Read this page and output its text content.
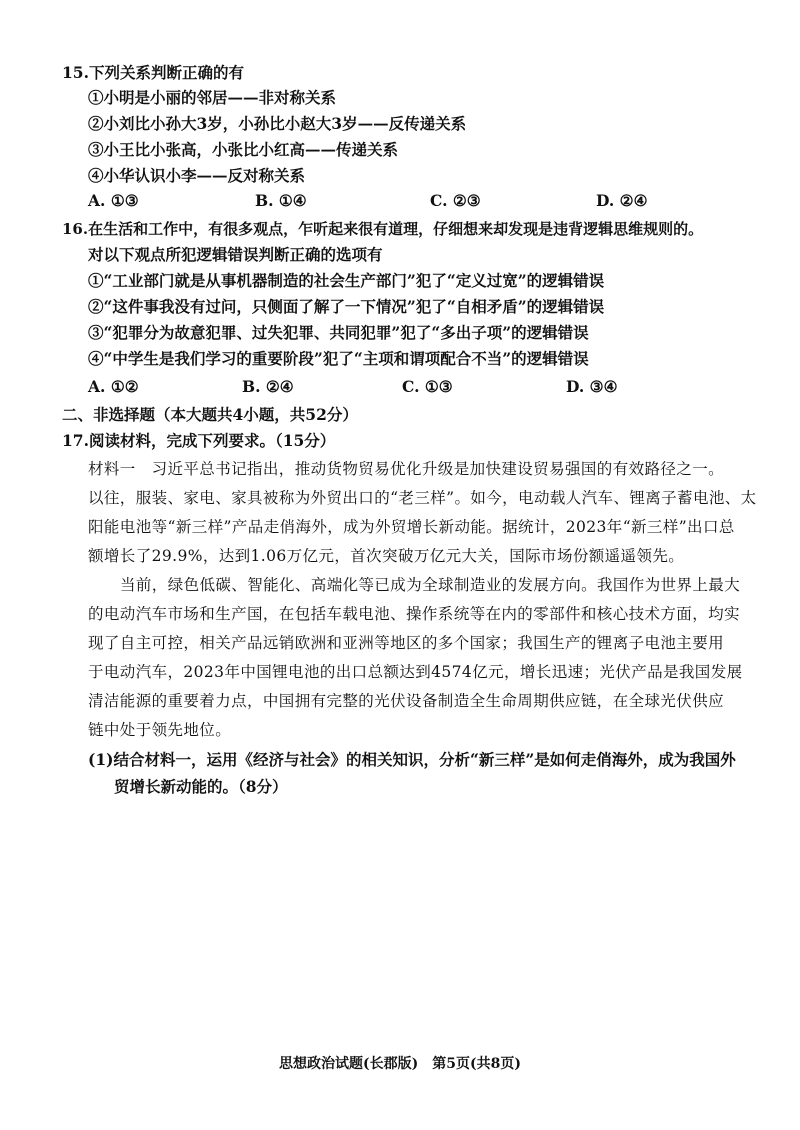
15.下列关系判断正确的有
①小明是小丽的邻居——非对称关系
②小刘比小孙大3岁，小孙比小赵大3岁——反传递关系
③小王比小张高，小张比小红高——传递关系
④小华认识小李——反对称关系
A. ①③	B. ①④	C. ②③	D. ②④
16.在生活和工作中，有很多观点，乍听起来很有道理，仔细想来却发现是违背逻辑思维规则的。
对以下观点所犯逻辑错误判断正确的选项有
①“工业部门就是从事机器制造的社会生产部门”犯了“定义过宽”的逻辑错误
②“这件事我没有过问，只侧面了解了一下情况”犯了“自相矛盾”的逻辑错误
③“犯罪分为故意犯罪、过失犯罪、共同犯罪”犯了“多出子项”的逻辑错误
④“中学生是我们学习的重要阶段”犯了“主项和谓项配合不当”的逻辑错误
A. ①②	B. ②④	C. ①③	D. ③④
二、非选择题（本大题共4小题，共52分）
17.阅读材料，完成下列要求。（15分）
材料一　习近平总书记指出，推动货物贸易优化升级是加快建设贸易强国的有效路径之一。
以往，服装、家电、家具被称为外贸出口的“老三样”。如今，电动载人汽车、锂离子蓄电池、太
阳能电池等“新三样”产品走俏海外，成为外贸增长新动能。据统计，2023年“新三样”出口总
额增长了29.9%，达到1.06万亿元，首次突破万亿元大关，国际市场份额遥遥领先。
当前，绿色低碳、智能化、高端化等已成为全球制造业的发展方向。我国作为世界上最大
的电动汽车市场和生产国，在包括车载电池、操作系统等在内的零部件和核心技术方面，均实
现了自主可控，相关产品远销欧洲和亚洲等地区的多个国家；我国生产的锂离子电池主要用
于电动汽车，2023年中国锂电池的出口总额达到4574亿元，增长迅速；光伏产品是我国发展
清洁能源的重要着力点，中国拥有完整的光伏设备制造全生命周期供应链，在全球光伏供应
链中处于领先地位。
(1)结合材料一，运用《经济与社会》的相关知识，分析“新三样”是如何走俏海外，成为我国外
贸增长新动能的。（8分）
思想政治试题(长郡版)　第5页(共8页)
